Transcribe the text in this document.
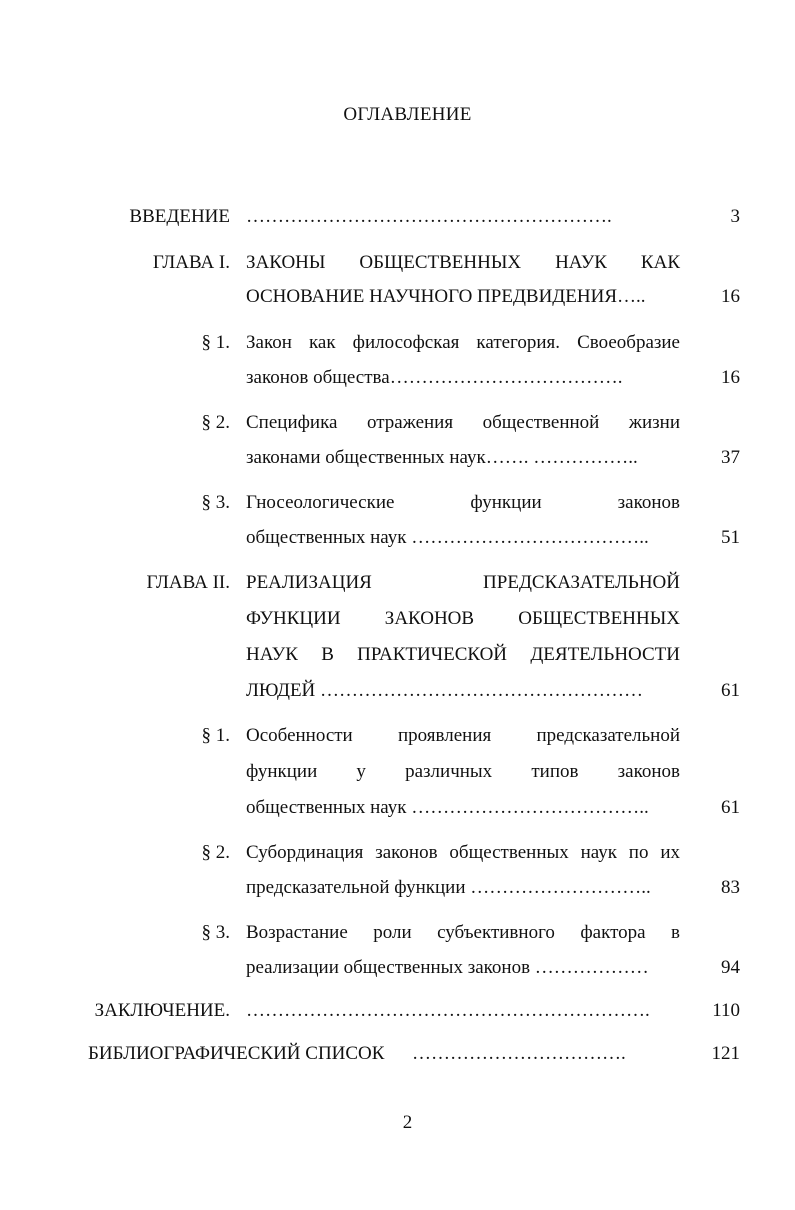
ОГЛАВЛЕНИЕ
ВВЕДЕНИЕ ………………………………………………….	3
ГЛАВА I. ЗАКОНЫ ОБЩЕСТВЕННЫХ НАУК КАК
ОСНОВАНИЕ НАУЧНОГО ПРЕДВИДЕНИЯ…..	16
§ 1. Закон как философская категория. Своеобразие
законов общества……………………………….	16
§ 2. Специфика отражения общественной жизни
законами общественных наук……. ……………..	37
§ 3. Гносеологические функции законов
общественных наук ………………………………..	51
ГЛАВА II. РЕАЛИЗАЦИЯ ПРЕДСКАЗАТЕЛЬНОЙ
ФУНКЦИИ ЗАКОНОВ ОБЩЕСТВЕННЫХ
НАУК В ПРАКТИЧЕСКОЙ ДЕЯТЕЛЬНОСТИ
ЛЮДЕЙ ……………………………………………	61
§ 1. Особенности проявления предсказательной
функции у различных типов законов
общественных наук ………………………………..	61
§ 2. Субординация законов общественных наук по их
предсказательной функции ………………………..	83
§ 3. Возрастание роли субъективного фактора в
реализации общественных законов ………………	94
ЗАКЛЮЧЕНИЕ. ……………………………………………………….	110
БИБЛИОГРАФИЧЕСКИЙ СПИСОК …………………………….	121
2
